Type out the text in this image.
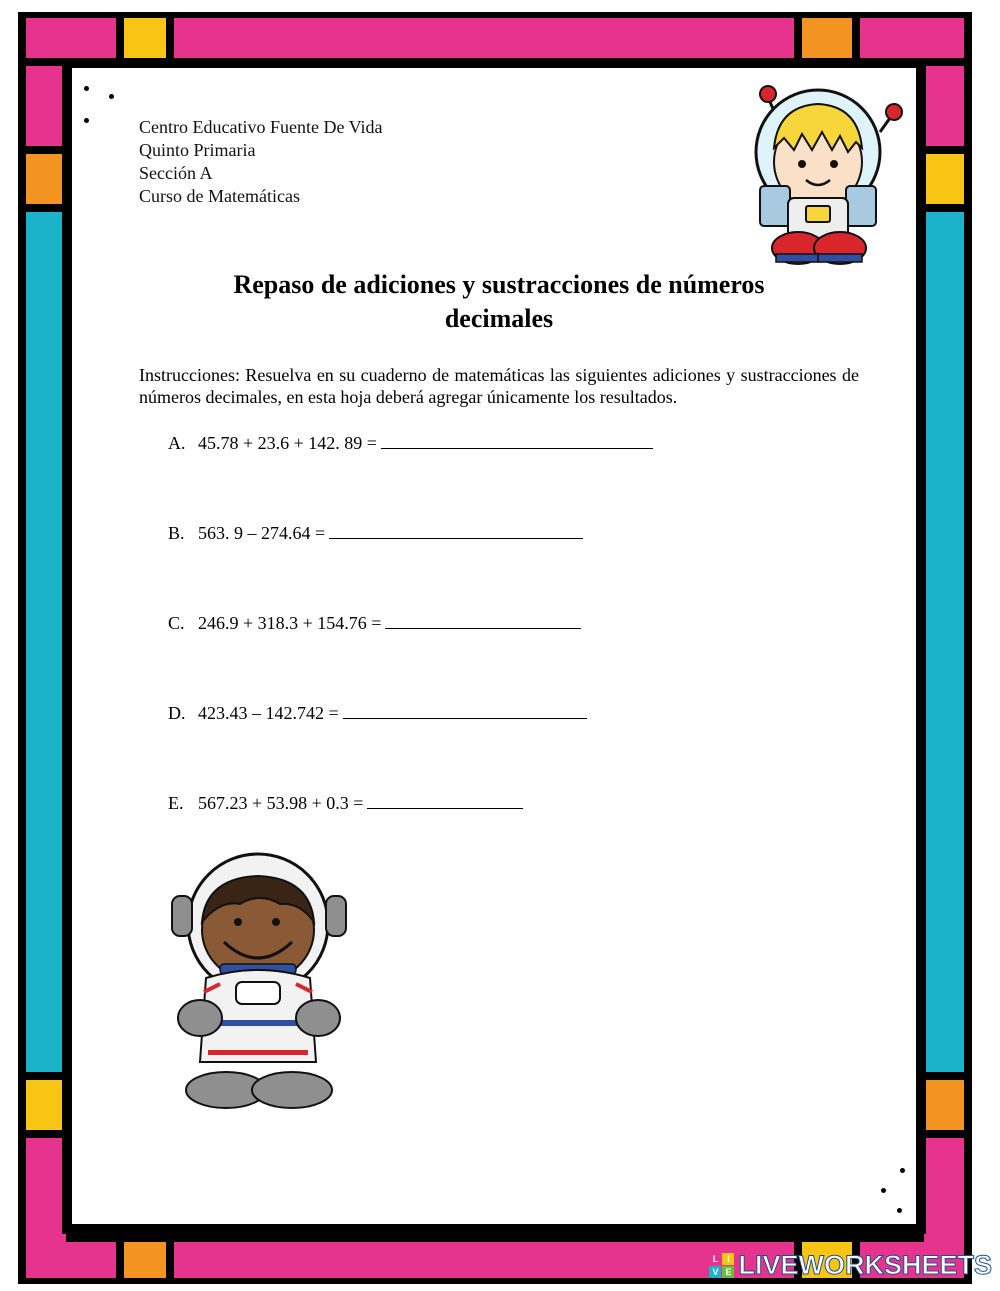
Centro Educativo Fuente De Vida
Quinto Primaria
Sección A
Curso de Matemáticas
Repaso de adiciones y sustracciones de números
decimales
Instrucciones: Resuelva en su cuaderno de matemáticas las siguientes adiciones y sustracciones de números decimales, en esta hoja deberá agregar únicamente los resultados.
A. 45.78 + 23.6 + 142. 89 =
B. 563. 9 – 274.64 =
C. 246.9 + 318.3 + 154.76 =
D. 423.43 – 142.742 =
E. 567.23 + 53.98 + 0.3 =
L I
V E LIVEWORKSHEETS
